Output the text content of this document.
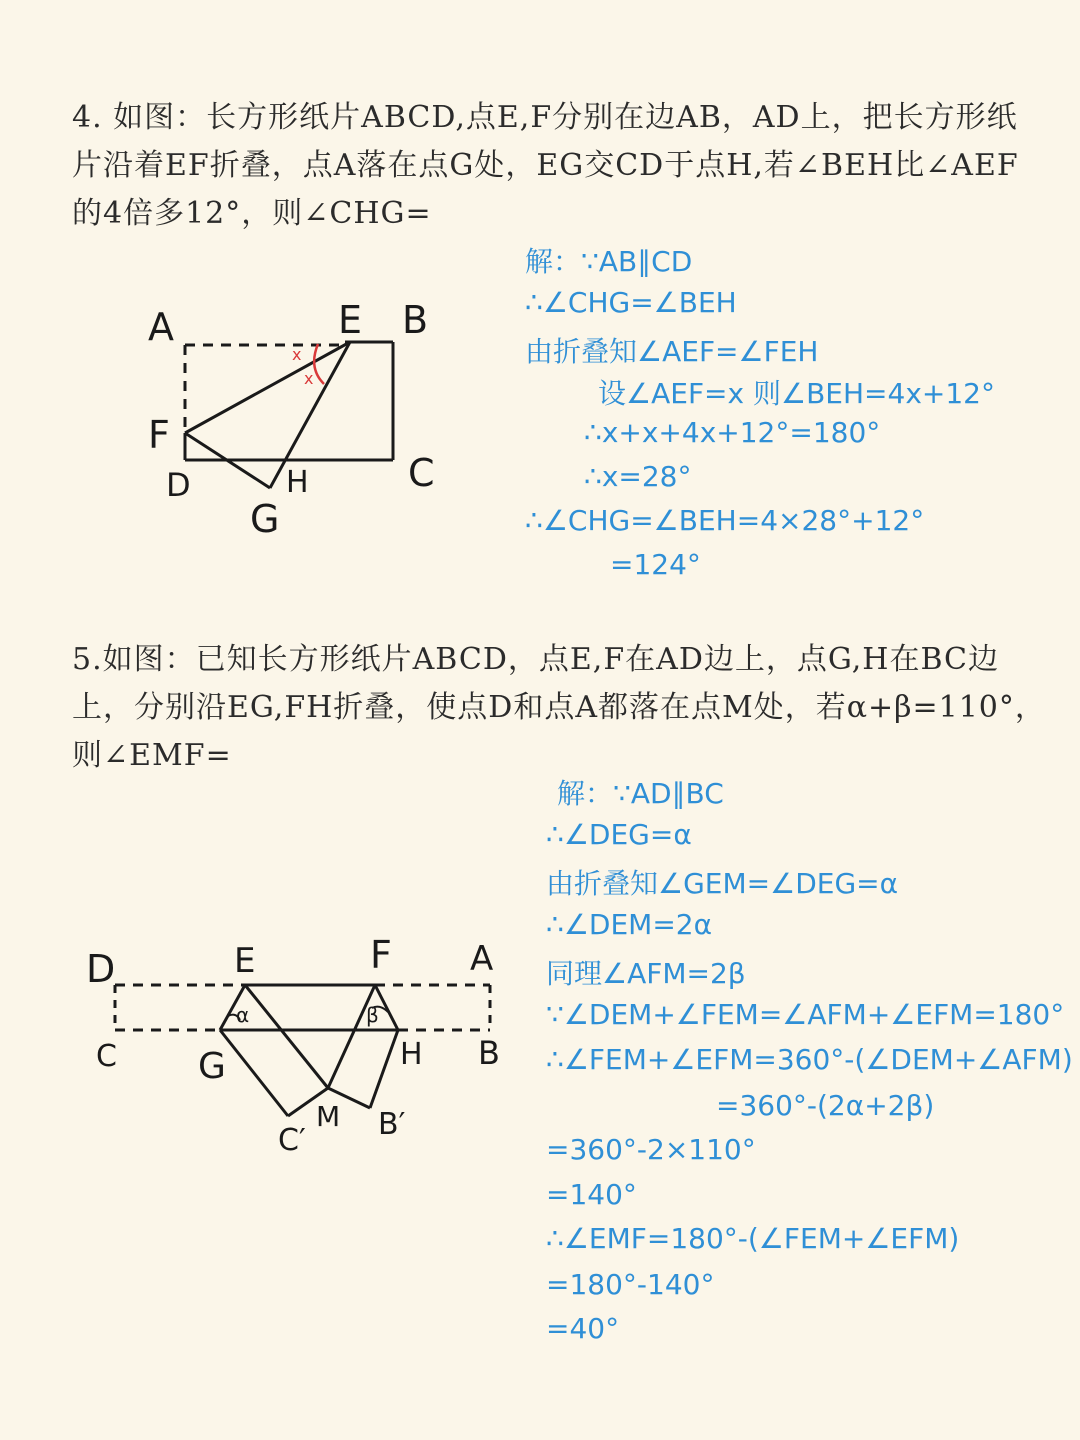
4. 如图：长方形纸片ABCD,点E,F分别在边AB，AD上，把长方形纸
片沿着EF折叠，点A落在点G处，EG交CD于点H,若∠BEH比∠AEF
的4倍多12°，则∠CHG=
A	E B
F
D	H	C
G
x
x
解：∵AB∥CD
∴∠CHG=∠BEH
由折叠知∠AEF=∠FEH
设∠AEF=x 则∠BEH=4x+12°
∴x+x+4x+12°=180°
∴x=28°
∴∠CHG=∠BEH=4×28°+12°
=124°
5.如图：已知长方形纸片ABCD，点E,F在AD边上，点G,H在BC边
上，分别沿EG,FH折叠，使点D和点A都落在点M处，若α+β=110°，
则∠EMF=
D	E	F A
C G	H B
M
C′ B′
α	β
解：∵AD∥BC
∴∠DEG=α
由折叠知∠GEM=∠DEG=α
∴∠DEM=2α
同理∠AFM=2β
∵∠DEM+∠FEM=∠AFM+∠EFM=180°
∴∠FEM+∠EFM=360°-(∠DEM+∠AFM)
=360°-(2α+2β)
=360°-2×110°
=140°
∴∠EMF=180°-(∠FEM+∠EFM)
=180°-140°
=40°
